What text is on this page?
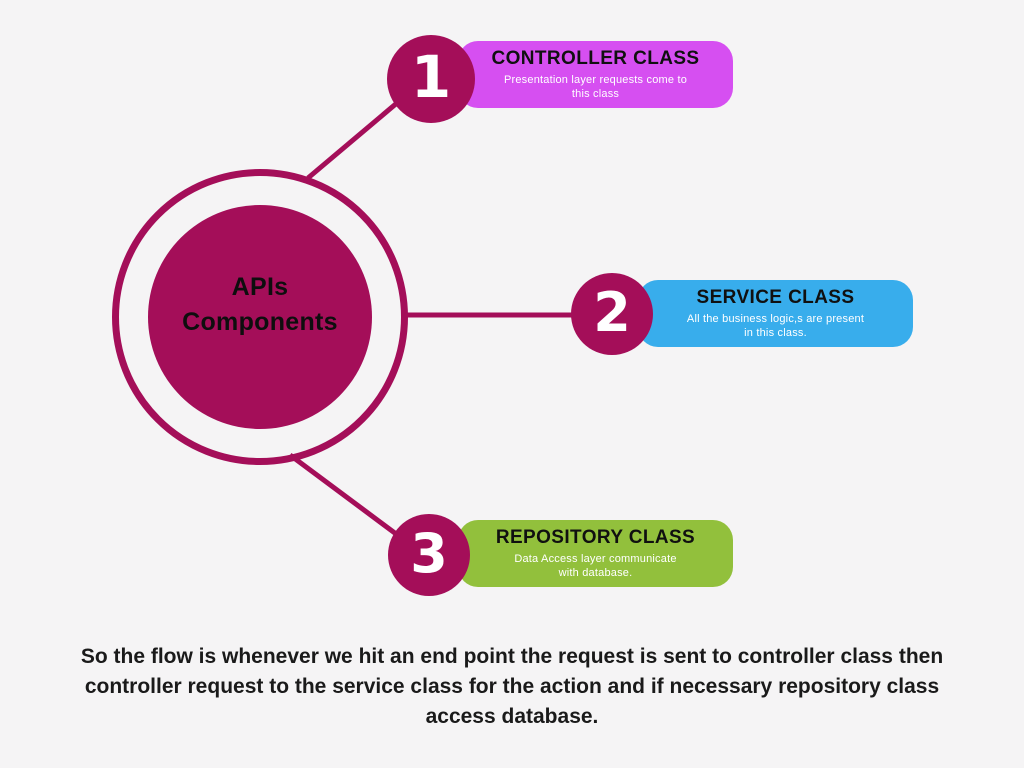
APIs
Components
CONTROLLER CLASS
Presentation layer requests come to
this class
1
SERVICE CLASS
All the business logic,s are present
in this class.
2
REPOSITORY CLASS
Data Access layer communicate
with database.
3
So the flow is whenever we hit an end point the request is sent to controller class then
controller request to the service class for the action and if necessary repository class
access database.
